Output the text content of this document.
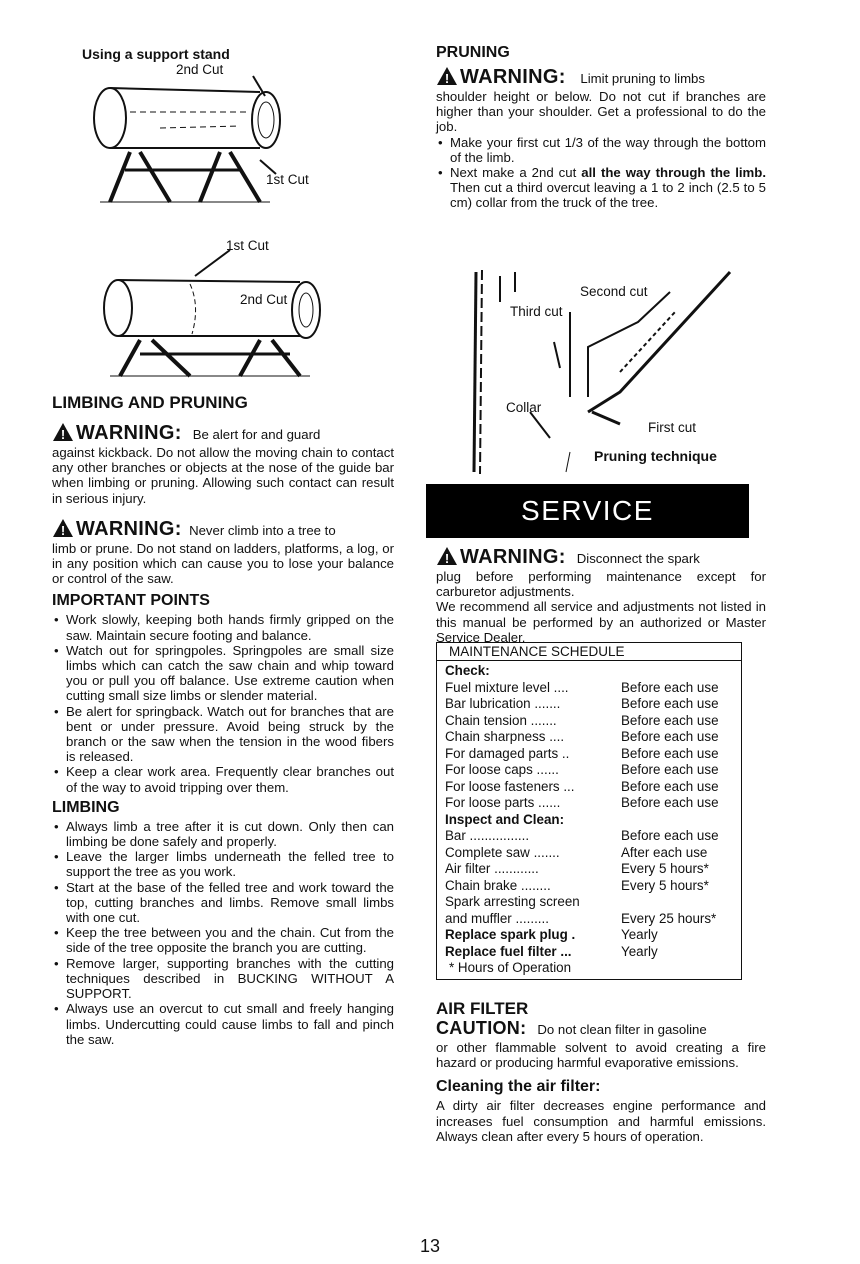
Using a support stand
2nd Cut
1st Cut
1st Cut
2nd Cut

LIMBING AND PRUNING

! WARNING: Be alert for and guard

against kickback. Do not allow the moving chain to contact any other branches or objects at the nose of the guide bar when limbing or pruning. Allowing such contact can result in serious injury.

! WARNING: Never climb into a tree to

limb or prune. Do not stand on ladders, platforms, a log, or in any position which can cause you to lose your balance or control of the saw.

IMPORTANT POINTS

• Work slowly, keeping both hands firmly gripped on the saw. Maintain secure footing and balance.
• Watch out for springpoles. Springpoles are small size limbs which can catch the saw chain and whip toward you or pull you off balance. Use extreme caution when cutting small size limbs or slender material.
• Be alert for springback. Watch out for branches that are bent or under pressure. Avoid being struck by the branch or the saw when the tension in the wood fibers is released.
• Keep a clear work area. Frequently clear branches out of the way to avoid tripping over them.

LIMBING

• Always limb a tree after it is cut down. Only then can limbing be done safely and properly.
• Leave the larger limbs underneath the felled tree to support the tree as you work.
• Start at the base of the felled tree and work toward the top, cutting branches and limbs. Remove small limbs with one cut.
• Keep the tree between you and the chain. Cut from the side of the tree opposite the branch you are cutting.
• Remove larger, supporting branches with the cutting techniques described in BUCKING WITHOUT A SUPPORT.
• Always use an overcut to cut small and freely hanging limbs. Undercutting could cause limbs to fall and pinch the saw.

PRUNING

! WARNING: Limit pruning to limbs

shoulder height or below. Do not cut if branches are higher than your shoulder. Get a professional to do the job.

• Make your first cut 1/3 of the way through the bottom of the limb.
• Next make a 2nd cut all the way through the limb. Then cut a third overcut leaving a 1 to 2 inch (2.5 to 5 cm) collar from the truck of the tree.
Second cut
Third cut
Collar
First cut
Pruning technique
SERVICE

! WARNING: Disconnect the spark

plug before performing maintenance except for carburetor adjustments.

We recommend all service and adjustments not listed in this manual be performed by an authorized or Master Service Dealer.

MAINTENANCE SCHEDULE
Check:
Fuel mixture level ....	Before each use
Bar lubrication .......	Before each use
Chain tension .......	Before each use
Chain sharpness ....	Before each use
For damaged parts ..	Before each use
For loose caps ......	Before each use
For loose fasteners ...	Before each use
For loose parts ......	Before each use
Inspect and Clean:
Bar ................	Before each use
Complete saw .......	After each use
Air filter ............	Every 5 hours*
Chain brake ........	Every 5 hours*
Spark arresting screen
and muffler .........	Every 25 hours*
Replace spark plug .	Yearly
Replace fuel filter ...	Yearly
* Hours of Operation

AIR FILTER

CAUTION: Do not clean filter in gasoline

or other flammable solvent to avoid creating a fire hazard or producing harmful evaporative emissions.

Cleaning the air filter:

A dirty air filter decreases engine performance and increases fuel consumption and harmful emissions. Always clean after every 5 hours of operation.

13
